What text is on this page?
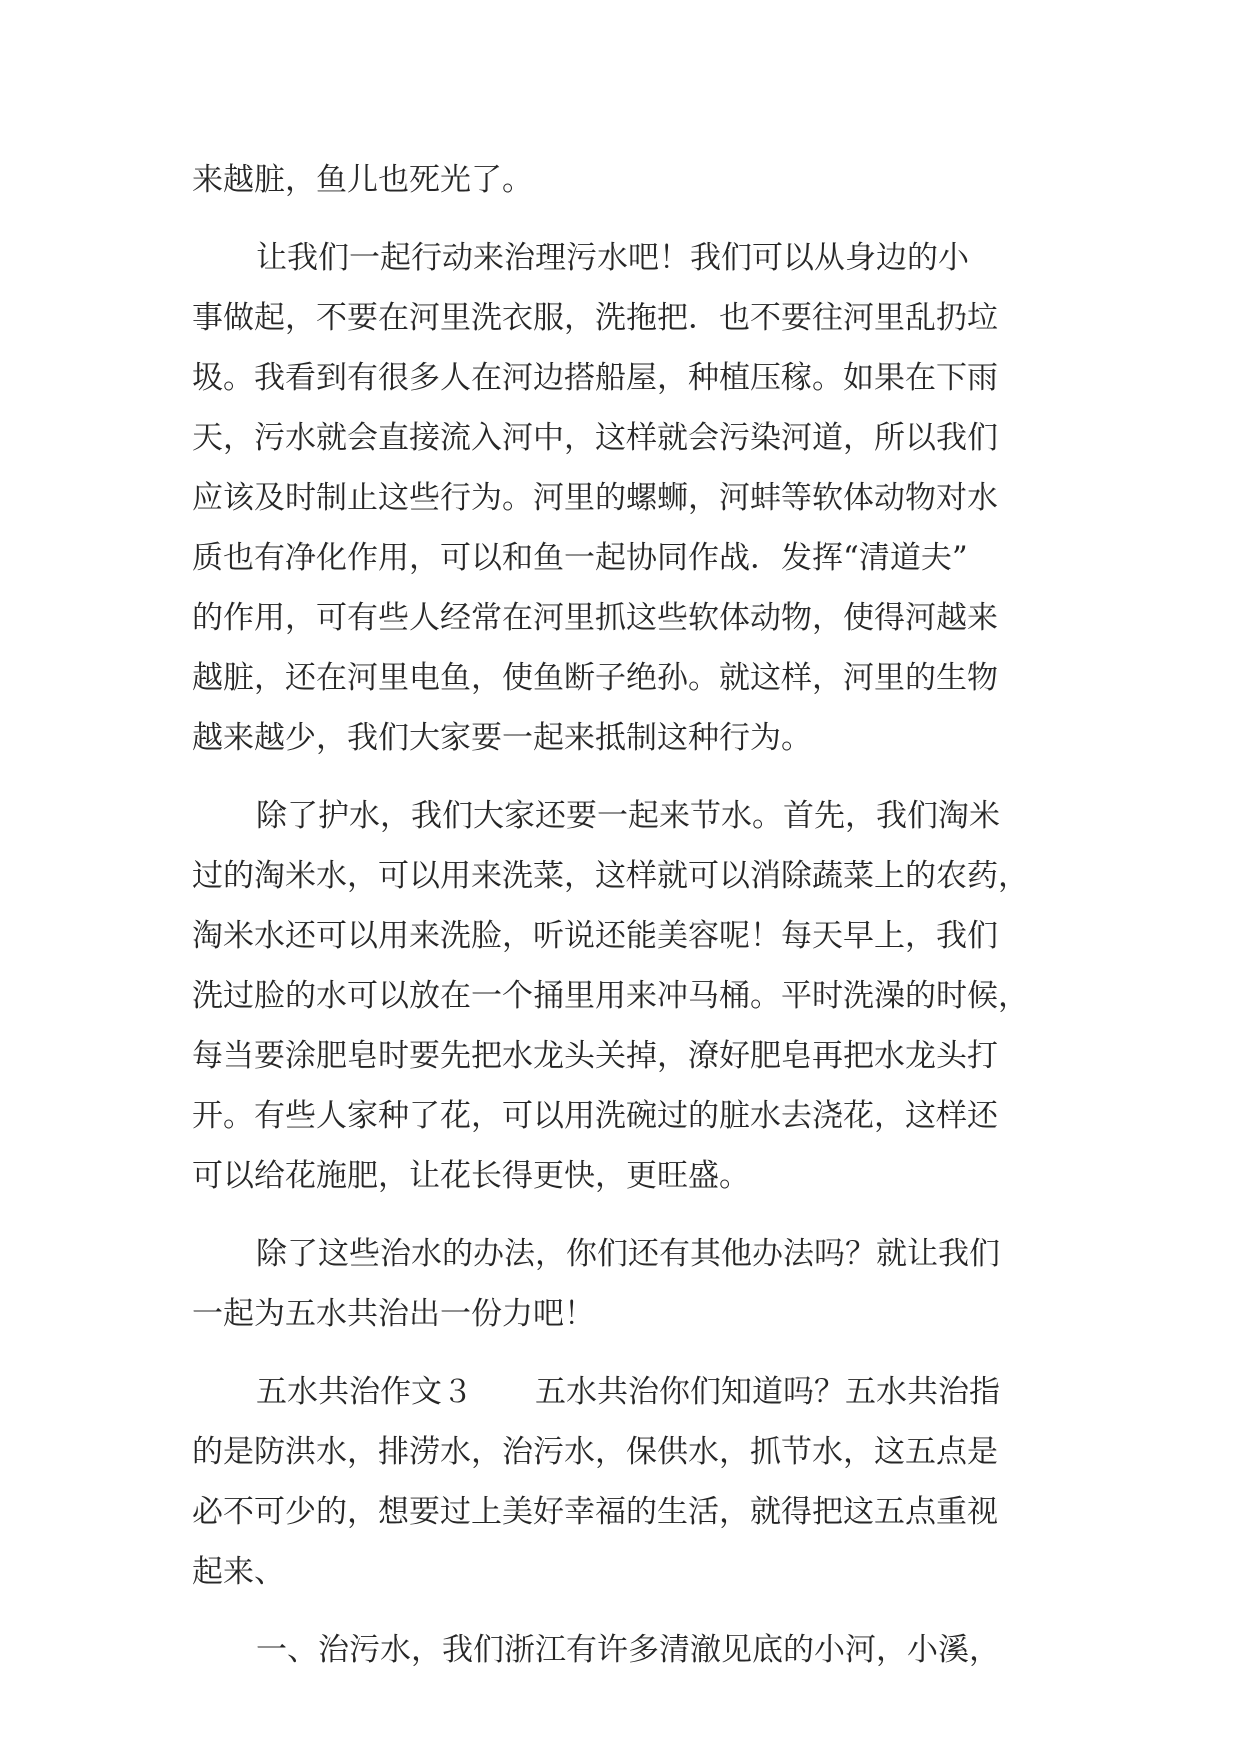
来越脏，鱼儿也死光了。

让我们一起行动来治理污水吧！我们可以从身边的小

事做起，不要在河里洗衣服，洗拖把．也不要往河里乱扔垃

圾。我看到有很多人在河边搭船屋，种植压稼。如果在下雨

天，污水就会直接流入河中，这样就会污染河道，所以我们

应该及时制止这些行为。河里的螺蛳，河蚌等软体动物对水

质也有净化作用，可以和鱼一起协同作战．发挥“清道夫”

的作用，可有些人经常在河里抓这些软体动物，使得河越来

越脏，还在河里电鱼，使鱼断子绝孙。就这样，河里的生物

越来越少，我们大家要一起来抵制这种行为。

除了护水，我们大家还要一起来节水。首先，我们淘米

过的淘米水，可以用来洗菜，这样就可以消除蔬菜上的农药，

淘米水还可以用来洗脸，听说还能美容呢！每天早上，我们

洗过脸的水可以放在一个捅里用来冲马桶。平时洗澡的时候，

每当要涂肥皂时要先把水龙头关掉，潦好肥皂再把水龙头打

开。有些人家种了花，可以用洗碗过的脏水去浇花，这样还

可以给花施肥，让花长得更快，更旺盛。

除了这些治水的办法，你们还有其他办法吗？就让我们

一起为五水共治出一份力吧！

五水共治作文３　　五水共治你们知道吗？五水共治指

的是防洪水，排涝水，治污水，保供水，抓节水，这五点是

必不可少的，想要过上美好幸福的生活，就得把这五点重视

起来、

一、治污水，我们浙江有许多清澈见底的小河，小溪，
